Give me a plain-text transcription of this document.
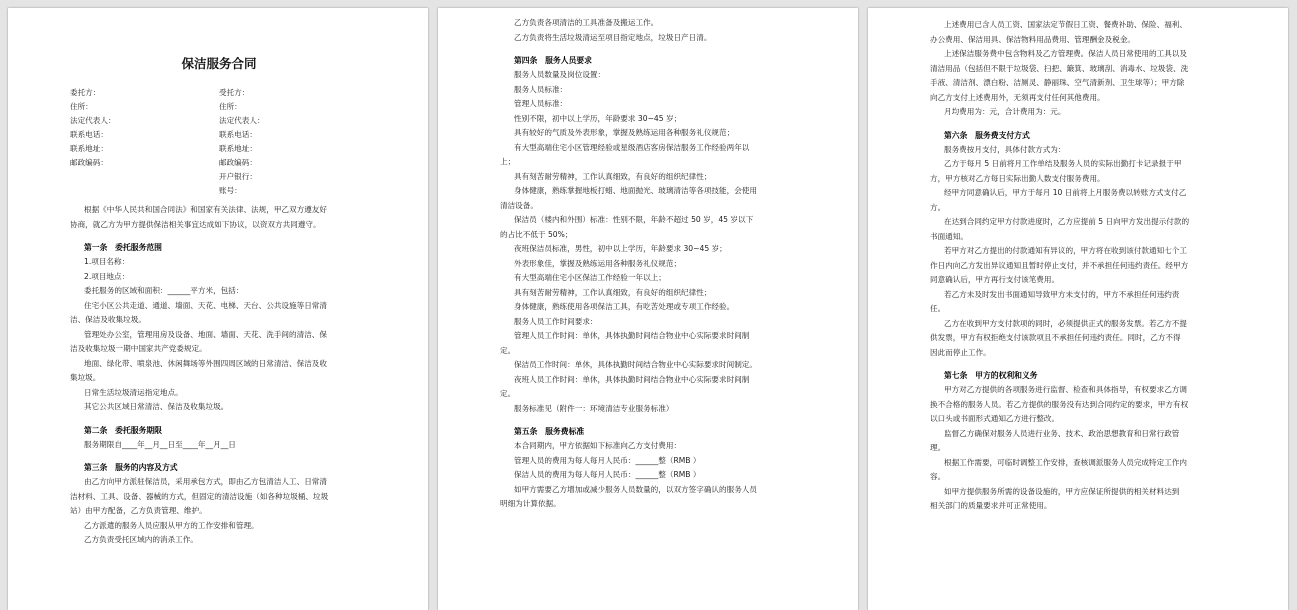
保洁服务合同
委托方：
住所：
法定代表人：
联系电话：
联系地址：
邮政编码：
受托方：
住所：
法定代表人：
联系电话：
联系地址：
邮政编码：
开户银行：
账号：
根据《中华人民共和国合同法》和国家有关法律、法规，甲乙双方遵友好
协商，就乙方为甲方提供保洁相关事宜达成如下协议，以资双方共同遵守。
第一条　委托服务范围
1.项目名称：
2.项目地点：
委托服务的区域和面积：______平方米，包括：
住宅小区公共走道、通道、墙面、天花、电梯、天台、公共设施等日常清
洁、保洁及收集垃圾。
管理处办公室，管理用房及设备、地面、墙面、天花、洗手间的清洁、保
洁及收集垃圾一期中国家共产党委规定。
地面、绿化带、喷泉池、休闲舞场等外围四周区域的日常清洁、保洁及收
集垃圾。
日常生活垃圾清运指定地点。
其它公共区域日常清洁、保洁及收集垃圾。
第二条　委托服务期限
服务期限自____年__月__日至____年__月__日
第三条　服务的内容及方式
由乙方向甲方派驻保洁员，采用承包方式，即由乙方包清洁人工、日常清
洁材料、工具、设备、器械的方式，但固定的清洁设施（如各种垃圾桶、垃圾
站）由甲方配备，乙方负责管理、维护。
乙方派遣的服务人员应服从甲方的工作安排和管理。
乙方负责受托区域内的消杀工作。
乙方负责各项清洁的工具准备及搬运工作。
乙方负责将生活垃圾清运至项目指定地点，垃圾日产日清。
第四条　服务人员要求
服务人员数量及岗位设置：
服务人员标准：
管理人员标准：
性别不限，初中以上学历，年龄要求 30~45 岁；
具有较好的气质及外表形象，掌握及熟练运用各种服务礼仪规范；
有大型高端住宅小区管理经验或星级酒店客房保洁服务工作经验两年以
上；
具有刻苦耐劳精神，工作认真细致，有良好的组织纪律性；
身体健康，熟练掌握地板打蜡、地面抛光、玻璃清洁等各项技能，会使用
清洁设备。
保洁员（楼内和外围）标准：性别不限，年龄不超过 50 岁，45 岁以下
的占比不低于 50%；
夜班保洁员标准，男性，初中以上学历，年龄要求 30~45 岁；
外表形象佳，掌握及熟练运用各种服务礼仪规范；
有大型高端住宅小区保洁工作经验一年以上；
具有刻苦耐劳精神，工作认真细致，有良好的组织纪律性；
身体健康，熟练使用各项保洁工具，有吃苦处理或专项工作经验。
服务人员工作时间要求：
管理人员工作时间：单休，具体执勤时间结合物业中心实际要求时间制
定。
保洁员工作时间：单休，具体执勤时间结合物业中心实际要求时间制定。
夜班人员工作时间：单休，具体执勤时间结合物业中心实际要求时间制
定。
服务标准见（附件一：环境清洁专业服务标准）
第五条　服务费标准
本合同期内，甲方依据如下标准向乙方支付费用：
管理人员的费用为每人每月人民币：______整（RMB ）
保洁人员的费用为每人每月人民币：______整（RMB ）
如甲方需要乙方增加或减少服务人员数量的，以双方签字确认的服务人员
明细为计算依据。
上述费用已含人员工资、国家法定节假日工资、餐费补助、保险、福利、
办公费用、保洁用具、保洁物料用品费用、管理酬金及税金。
上述保洁服务费中包含物料及乙方管理费。保洁人员日常使用的工具以及
清洁用品（包括但不限于垃圾袋、扫把、簸箕、玻璃刮、消毒水、垃圾袋、洗
手液、清洁剂、漂白粉、洁厕灵、静丽珠、空气清新剂、卫生球等）；甲方除
向乙方支付上述费用外，无须再支付任何其他费用。
月均费用为：元，合计费用为：元。
第六条　服务费支付方式
服务费按月支付，具体付款方式为：
乙方于每月 5 日前将月工作单结及服务人员的实际出勤打卡记录报于甲
方，甲方核对乙方每日实际出勤人数支付服务费用。
经甲方同意确认后，甲方于每月 10 日前将上月服务费以转账方式支付乙
方。
在达到合同约定甲方付款进度时，乙方应提前 5 日向甲方发出提示付款的
书面通知。
若甲方对乙方提出的付款通知有异议的，甲方将在收到该付款通知七个工
作日内向乙方发出异议通知且暂时停止支付，并不承担任何违约责任。经甲方
同意确认后，甲方再行支付该笔费用。
若乙方未及时发出书面通知导致甲方未支付的，甲方不承担任何违约责
任。
乙方在收到甲方支付款项的同时，必须提供正式的服务发票。若乙方不提
供发票，甲方有权拒绝支付该款项且不承担任何违约责任。同时，乙方不得
因此而停止工作。
第七条　甲方的权利和义务
甲方对乙方提供的各项服务进行监督、检查和具体指导，有权要求乙方调
换不合格的服务人员。若乙方提供的服务没有达到合同约定的要求，甲方有权
以口头或书面形式通知乙方进行整改。
监督乙方确保对服务人员进行业务、技术、政治思想教育和日常行政管
理。
根据工作需要，可临时调整工作安排，查核调派服务人员完成特定工作内
容。
如甲方提供服务所需的设备设施的，甲方应保证所提供的相关材料达到
相关部门的质量要求并可正常使用。
